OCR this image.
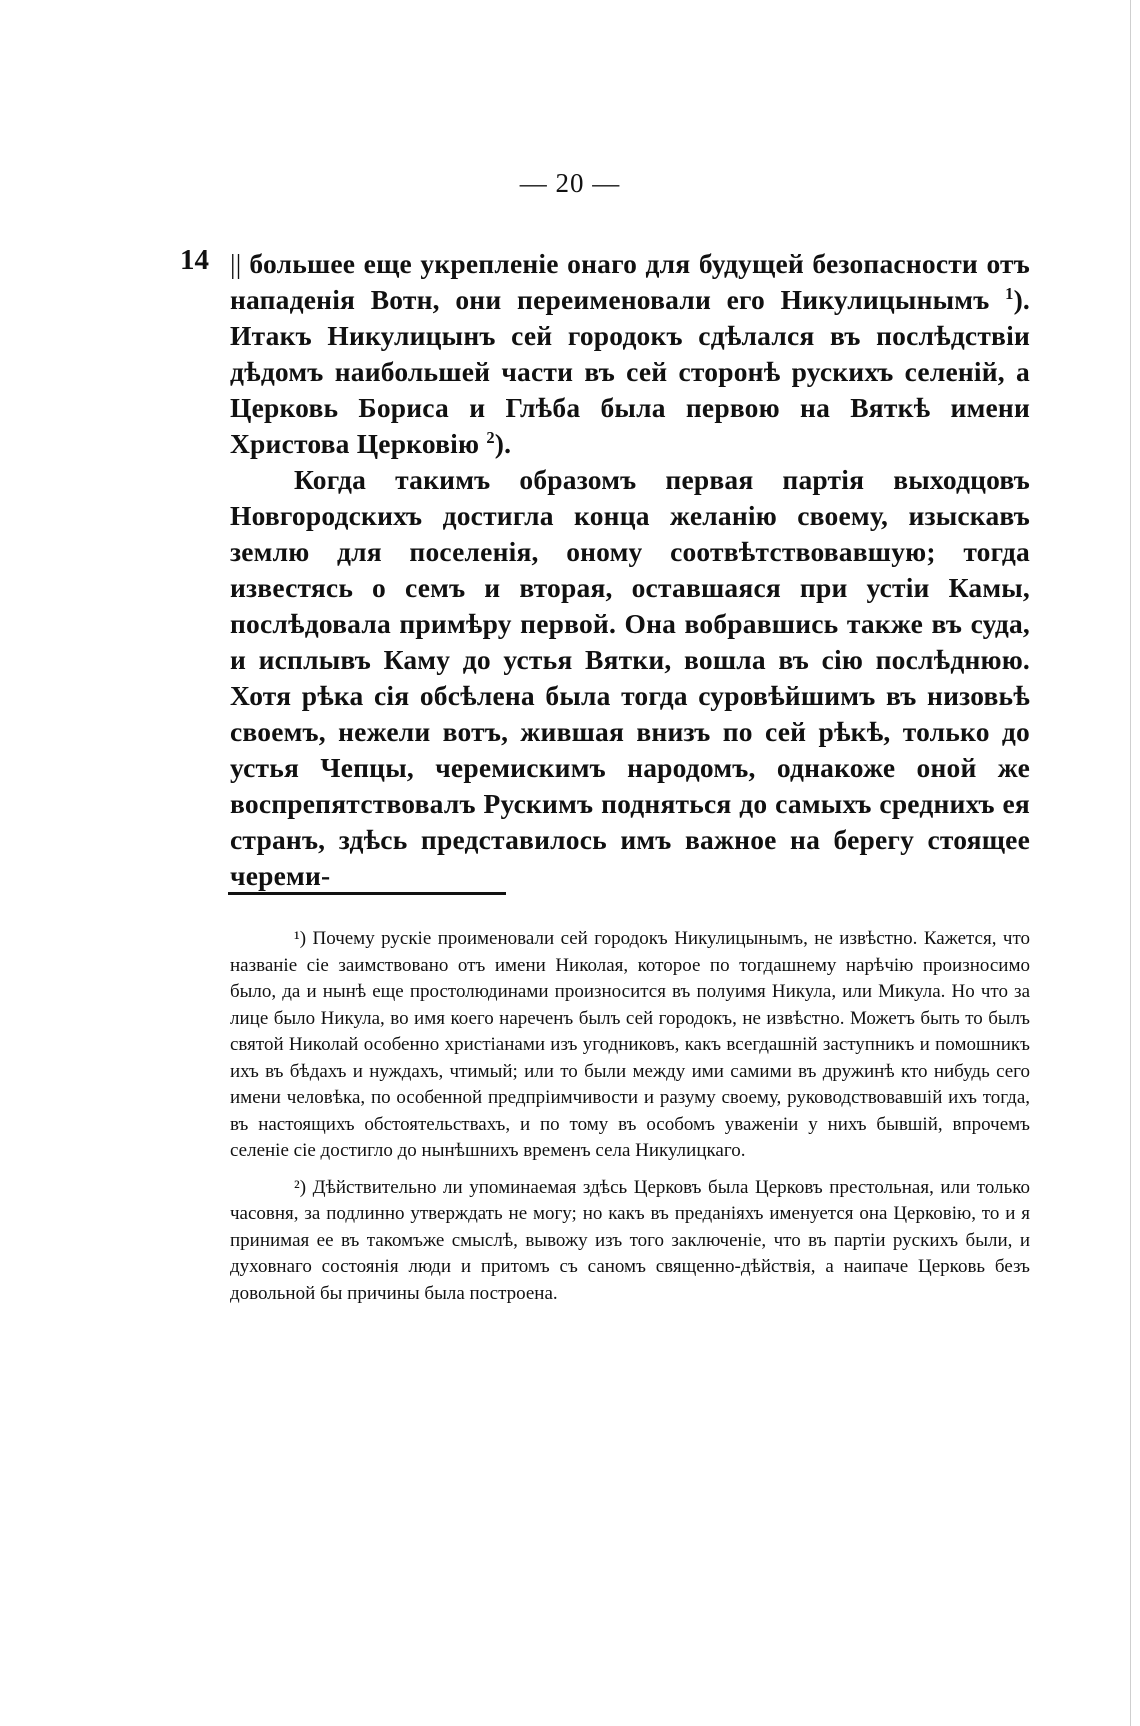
— 20 —
14 || большее еще укрепленіе онаго для будущей безопасности отъ нападенія Вотн, они переименовали его Никулицынымъ $^1$). Итакъ Никулицынъ сей городокъ сдѣлался въ послѣдствіи дѣдомъ наибольшей части въ сей сторонѣ рускихъ селеній, а Церковь Бориса и Глѣба была первою на Вяткѣ имени Христова Церковію $^2$).

Когда такимъ образомъ первая партія выходцовъ Новгородскихъ достигла конца желанію своему, изыскавъ землю для поселенія, оному соотвѣтствовавшую; тогда известясь о семъ и вторая, оставшаяся при устіи Камы, послѣдовала примѣру первой. Она вобравшись также въ суда, и исплывъ Каму до устья Вятки, вошла въ сію послѣднюю. Хотя рѣка сія обсѣлена была тогда суровѣйшимъ въ низовьѣ своемъ, нежели вотъ, жившая внизъ по сей рѣкѣ, только до устья Чепцы, черемискимъ народомъ, однакоже оной же воспрепятствовалъ Рускимъ подняться до самыхъ среднихъ ея странъ, здѣсь представилось имъ важное на берегу стоящее череми-

¹) Почему рускіе прoименовали сей городокъ Никулицынымъ, не извѣстно. Кажется, что названіе сіе заимствовано отъ имени Николая, которое по тогдашнему нарѣчію произносимо было, да и нынѣ еще простолюдинами произносится въ полуимя Никула, или Микула. Но что за лице было Никула, во имя коего нареченъ былъ сей городокъ, не извѣстно. Можетъ быть то былъ святой Николай особенно христіанами изъ угодниковъ, какъ всегдашній заступникъ и помошникъ ихъ въ бѣдахъ и нуждахъ, чтимый; или то были между ими самими въ дружинѣ кто нибудь сего имени человѣка, по особенной предпріимчивости и разуму своему, руководствовавшій ихъ тогда, въ настоящихъ обстоятельствахъ, и по тому въ особомъ уваженіи у нихъ бывшій, впрочемъ селеніе сіе достигло до нынѣшнихъ временъ села Никулицкаго.

²) Дѣйствительно ли упоминаемая здѣсь Церковъ была Церковъ престольная, или только часовня, за подлинно утверждать не могу; но какъ въ преданіяхъ именуется она Церковію, то и я принимая ее въ такомъже смыслѣ, вывожу изъ того заключеніе, что въ партіи рускихъ были, и духовнаго состоянія люди и притомъ съ саномъ священно-дѣйствія, а наипаче Церковь безъ довольной бы причины была построена.
